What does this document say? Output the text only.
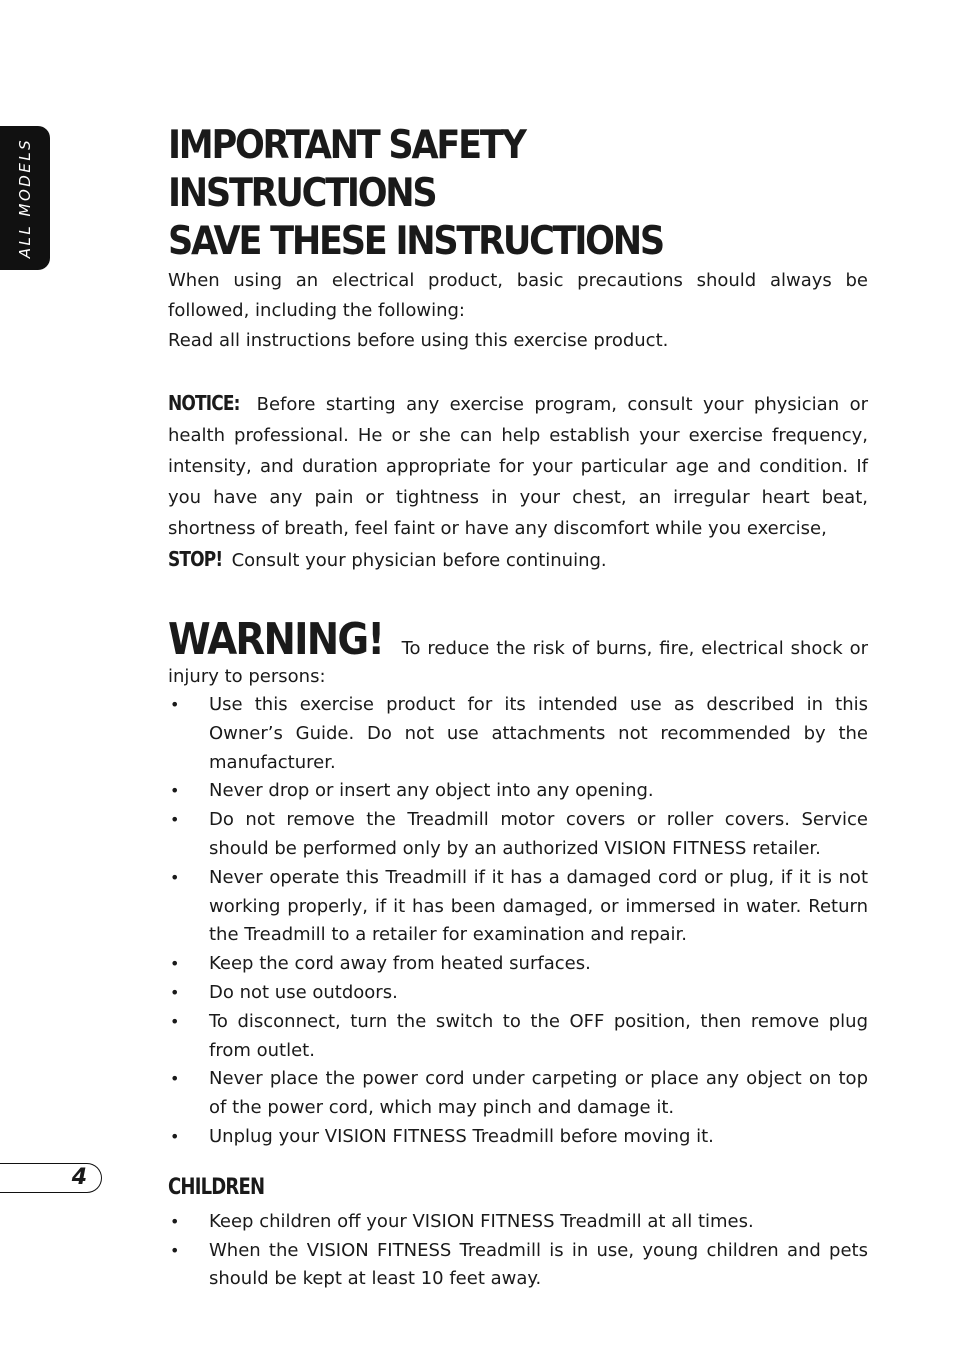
ALL MODELS	IMPORTANT SAFETY INSTRUCTIONS
SAVE THESE INSTRUCTIONS

When using an electrical product, basic precautions should always be followed, including the following:

Read all instructions before using this exercise product.

NOTICE: Before starting any exercise program, consult your physician or health professional. He or she can help establish your exercise frequency, intensity, and duration appropriate for your particular age and condition. If you have any pain or tightness in your chest, an irregular heart beat, shortness of breath, feel faint or have any discomfort while you exercise,
STOP! Consult your physician before continuing.

WARNING! To reduce the risk of burns, fire, electrical shock or injury to persons:

• Use this exercise product for its intended use as described in this Owner’s Guide. Do not use attachments not recommended by the manufacturer.
• Never drop or insert any object into any opening.
• Do not remove the Treadmill motor covers or roller covers. Service should be performed only by an authorized VISION FITNESS retailer.
• Never operate this Treadmill if it has a damaged cord or plug, if it is not working properly, if it has been damaged, or immersed in water. Return the Treadmill to a retailer for examination and repair.
• Keep the cord away from heated surfaces.
• Do not use outdoors.
• To disconnect, turn the switch to the OFF position, then remove plug from outlet.
• Never place the power cord under carpeting or place any object on top of the power cord, which may pinch and damage it.
• Unplug your VISION FITNESS Treadmill before moving it.
CHILDREN
• Keep children off your VISION FITNESS Treadmill at all times.
• When the VISION FITNESS Treadmill is in use, young children and pets should be kept at least 10 feet away.
4
